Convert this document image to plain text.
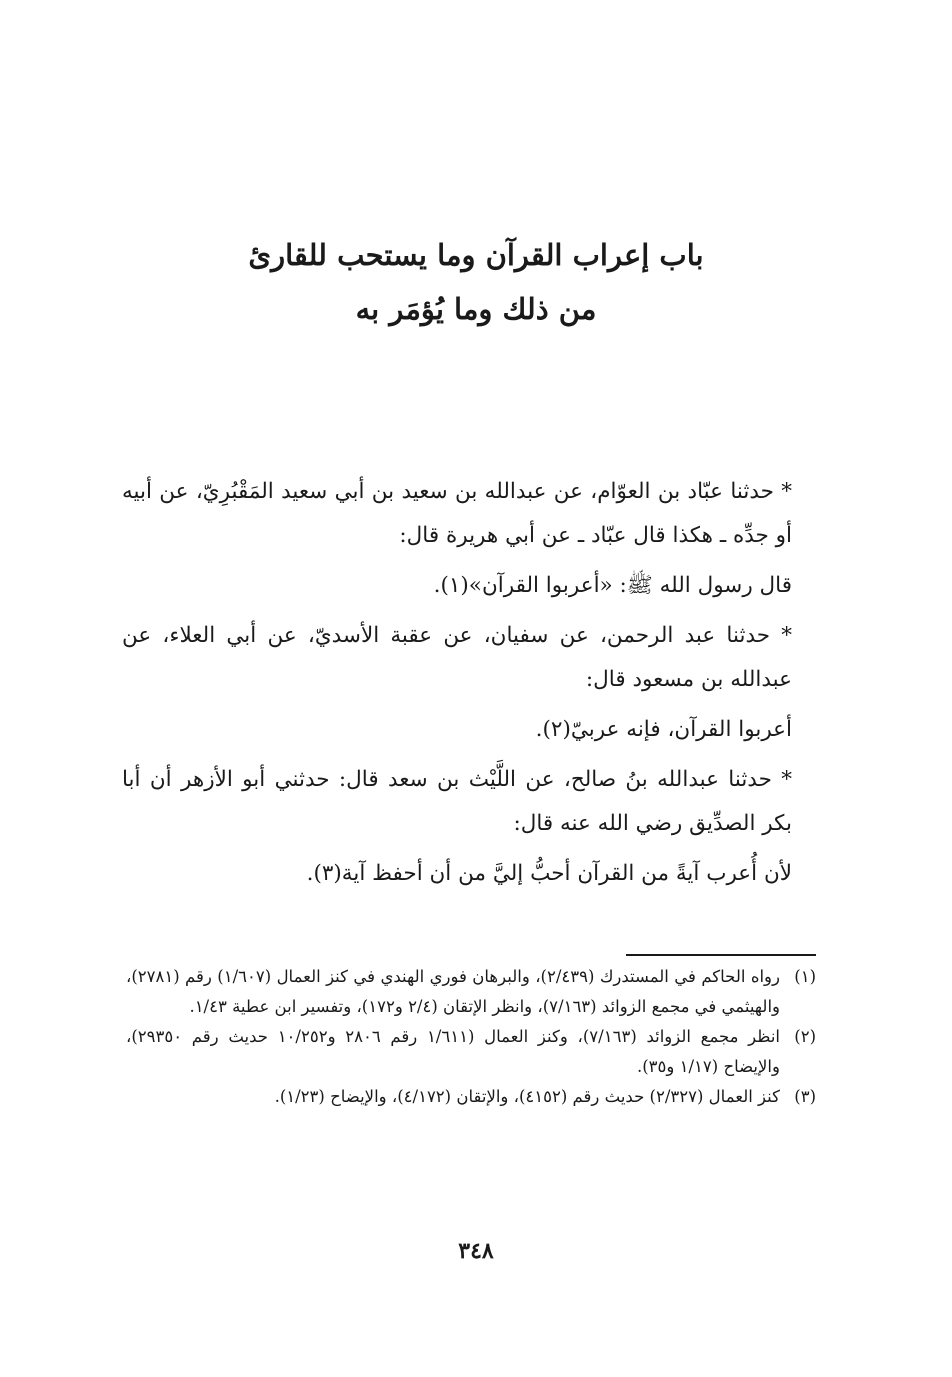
باب إعراب القرآن وما يستحب للقارئ
من ذلك وما يُؤمَر به

* حدثنا عبّاد بن العوّام، عن عبدالله بن سعيد بن أبي سعيد المَقْبُرِيّ، عن أبيه أو جدِّه ـ هكذا قال عبّاد ـ عن أبي هريرة قال:

قال رسول الله ﷺ: «أعربوا القرآن»(١).

* حدثنا عبد الرحمن، عن سفيان، عن عقبة الأسديّ، عن أبي العلاء، عن عبدالله بن مسعود قال:

أعربوا القرآن، فإنه عربيّ(٢).

* حدثنا عبدالله بنُ صالح، عن اللَّيْث بن سعد قال: حدثني أبو الأزهر أن أبا بكر الصدِّيق رضي الله عنه قال:

لأن أُعرب آيةً من القرآن أحبُّ إليَّ من أن أحفظ آية(٣).

(١)
رواه الحاكم في المستدرك (٢/٤٣٩)، والبرهان فوري الهندي في كنز العمال (١/٦٠٧) رقم (٢٧٨١)، والهيثمي في مجمع الزوائد (٧/١٦٣)، وانظر الإتقان (٢/٤ و١٧٢)، وتفسير ابن عطية ١/٤٣.
(٢)
انظر مجمع الزوائد (٧/١٦٣)، وكنز العمال (١/٦١١ رقم ٢٨٠٦ و١٠/٢٥٢ حديث رقم ٢٩٣٥٠)، والإيضاح (١/١٧ و٣٥).
(٣)
كنز العمال (٢/٣٢٧) حديث رقم (٤١٥٢)، والإتقان (٤/١٧٢)، والإيضاح (١/٢٣).
٣٤٨
